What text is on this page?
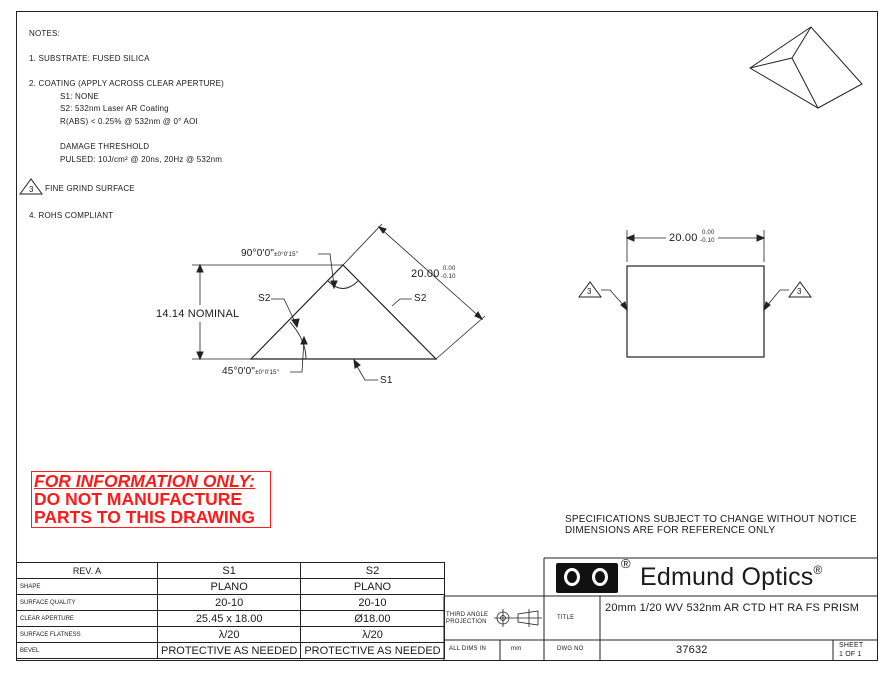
NOTES:
1. SUBSTRATE: FUSED SILICA
2. COATING (APPLY ACROSS CLEAR APERTURE)
S1: NONE
S2: 532nm Laser AR Coating
R(ABS) < 0.25% @ 532nm @ 0° AOI
DAMAGE THRESHOLD
PULSED: 10J/cm² @ 20ns, 20Hz @ 532nm
3 FINE GRIND SURFACE
4. ROHS COMPLIANT
90°0'0"±0°0'15"
45°0'0"±0°0'15"
20.00 0.00
-0.10
14.14 NOMINAL
S2	S2
S1
20.00 0.00
-0.10
3	3
FOR INFORMATION ONLY:
DO NOT MANUFACTURE
PARTS TO THIS DRAWING	SPECIFICATIONS SUBJECT TO CHANGE WITHOUT NOTICE
DIMENSIONS ARE FOR REFERENCE ONLY
REV. A	S1	S2
SHAPE	PLANO	PLANO
SURFACE QUALITY	20-10	20-10
CLEAR APERTURE	25.45 x 18.00	Ø18.00
SURFACE FLATNESS	λ/20	λ/20
BEVEL	PROTECTIVE AS NEEDED	PROTECTIVE AS NEEDED
® Edmund Optics®
THIRD ANGLE
PROJECTION
TITLE
20mm 1/20 WV 532nm AR CTD HT RA FS PRISM
ALL DIMS IN	mm	DWG NO	37632	SHEET
1 OF 1
